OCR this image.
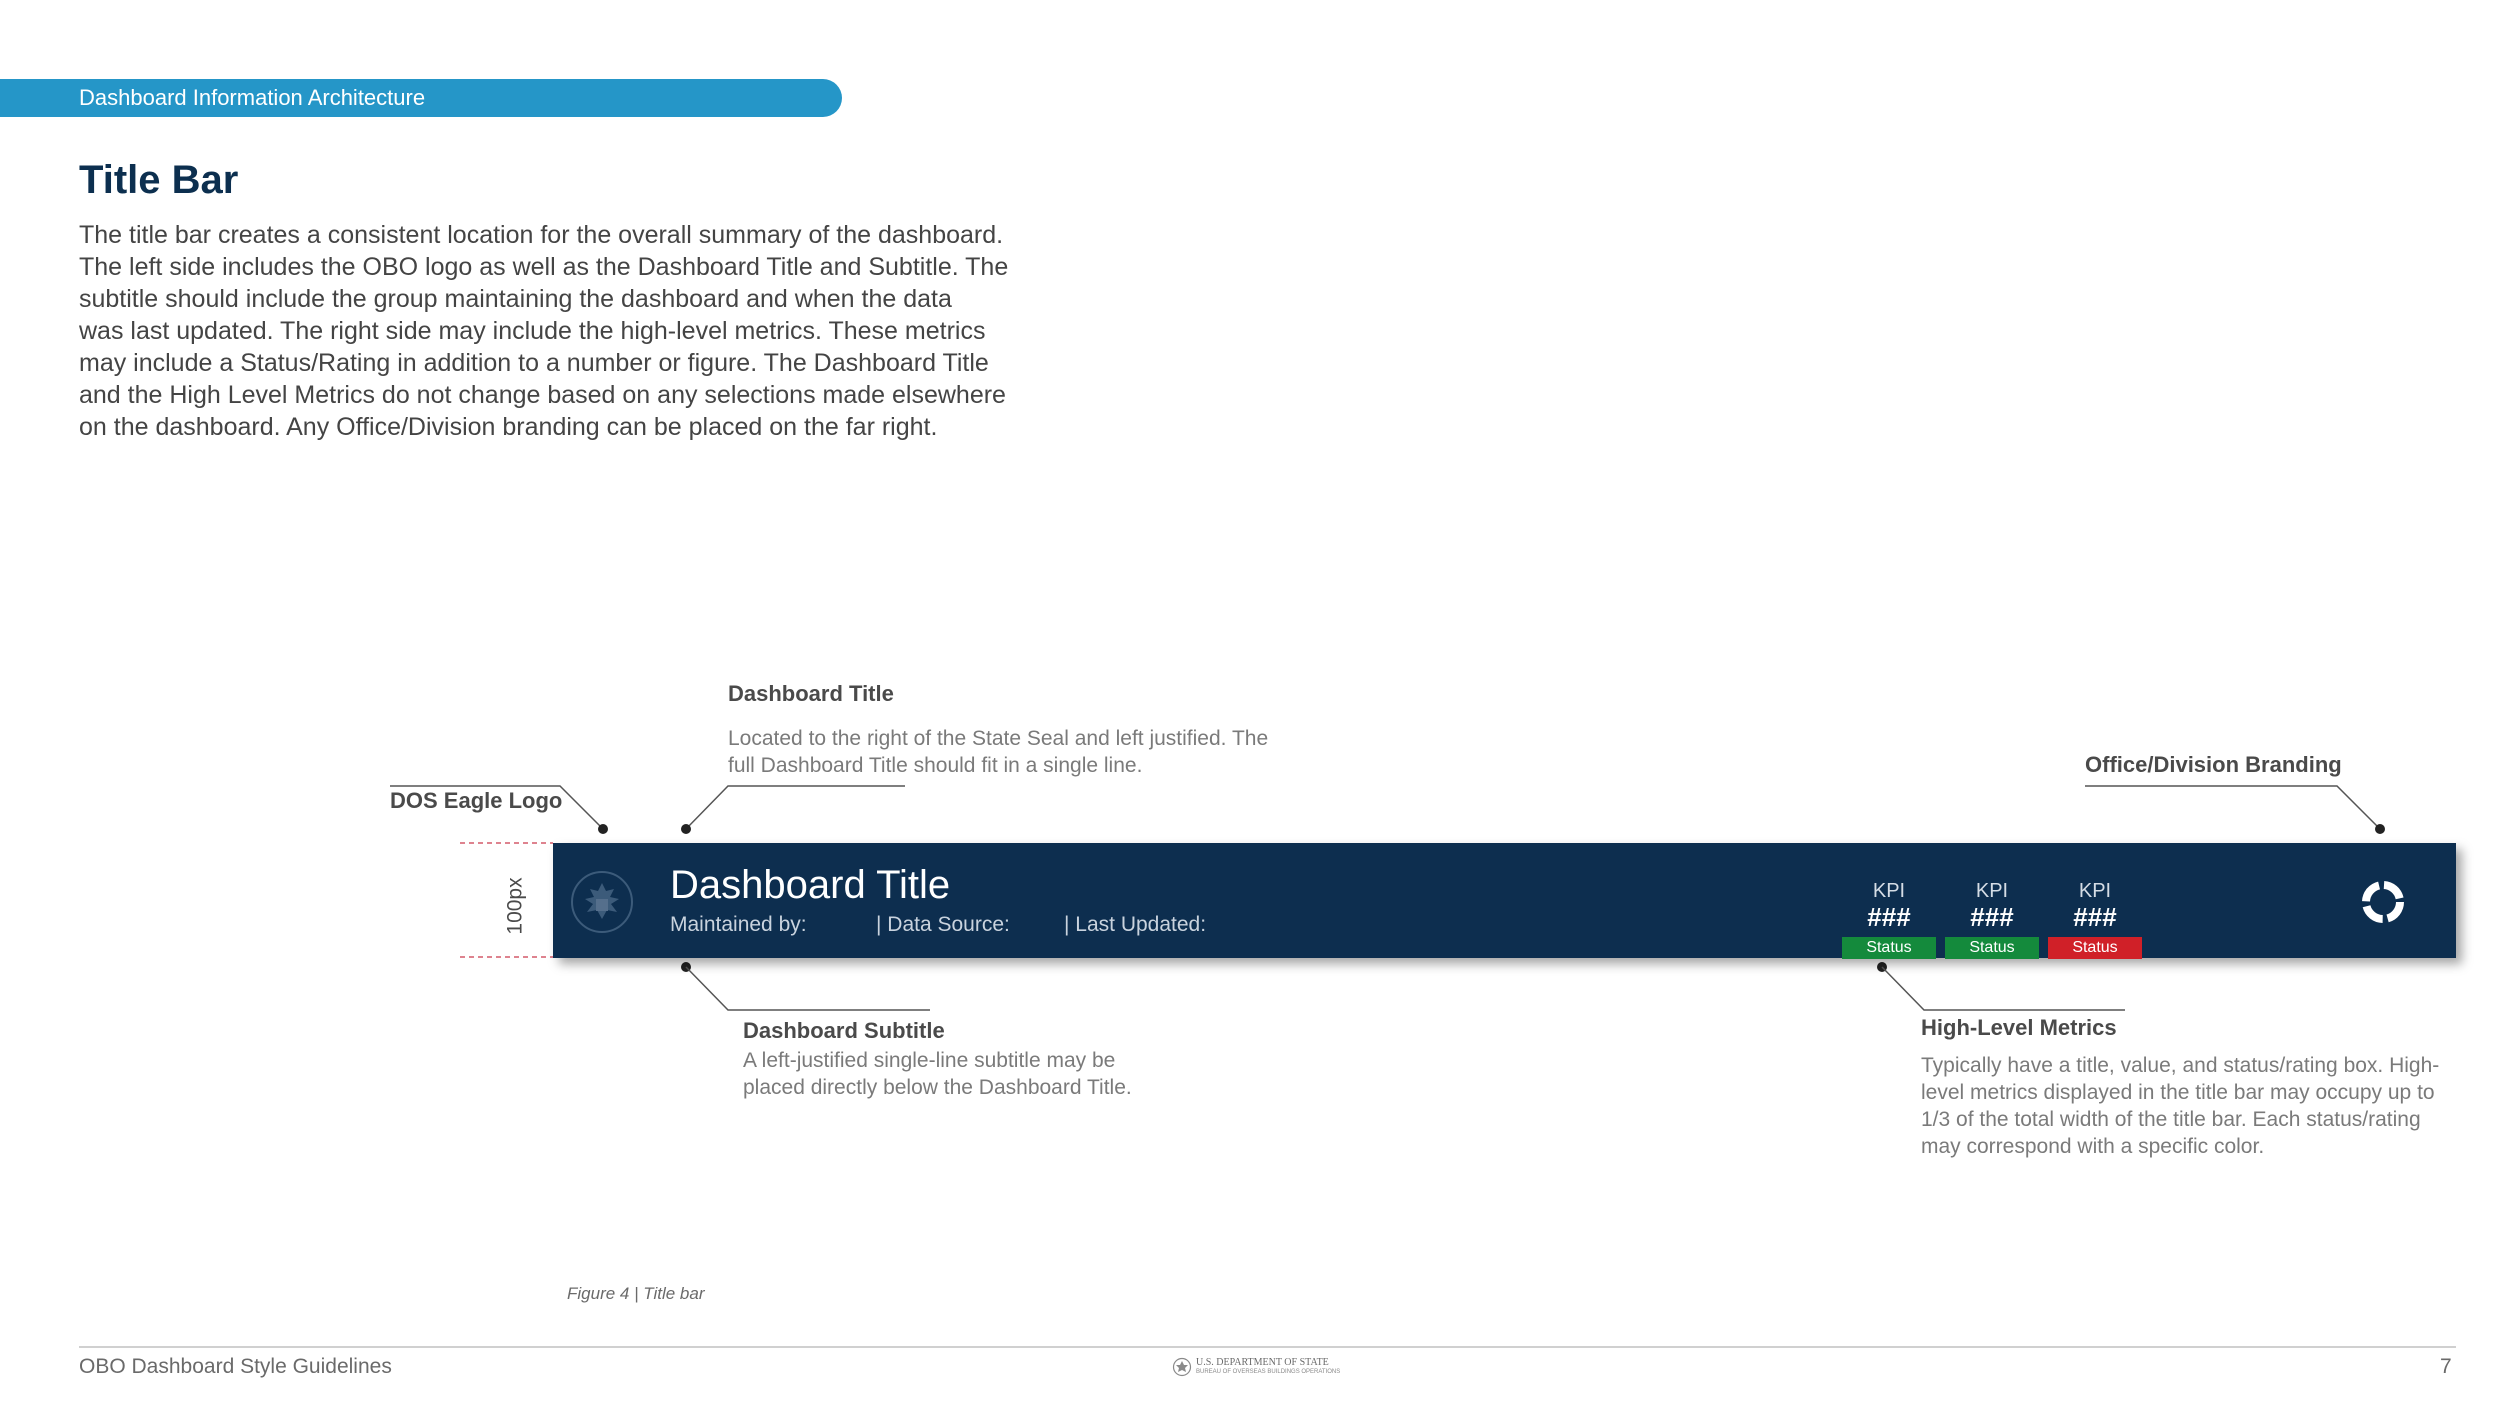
Dashboard Information Architecture
Title Bar
The title bar creates a consistent location for the overall summary of the dashboard.
The left side includes the OBO logo as well as the Dashboard Title and Subtitle. The
subtitle should include the group maintaining the dashboard and when the data
was last updated. The right side may include the high-level metrics. These metrics
may include a Status/Rating in addition to a number or figure. The Dashboard Title
and the High Level Metrics do not change based on any selections made elsewhere
on the dashboard. Any Office/Division branding can be placed on the far right.
100px
DOS Eagle Logo
Dashboard Title
Located to the right of the State Seal and left justified. The
full Dashboard Title should fit in a single line.	Office/Division Branding
Dashboard Subtitle
A left-justified single-line subtitle may be
placed directly below the Dashboard Title.
High-Level Metrics
Typically have a title, value, and status/rating box. High-
level metrics displayed in the title bar may occupy up to
1/3 of the total width of the title bar. Each status/rating
may correspond with a specific color.
Dashboard Title
Maintained by:	| Data Source:	| Last Updated:
KPI
###
Status
KPI
###
Status
KPI
###
Status
Figure 4 | Title bar
OBO Dashboard Style Guidelines	U.S. DEPARTMENT OF STATE
BUREAU OF OVERSEAS BUILDINGS OPERATIONS	7
